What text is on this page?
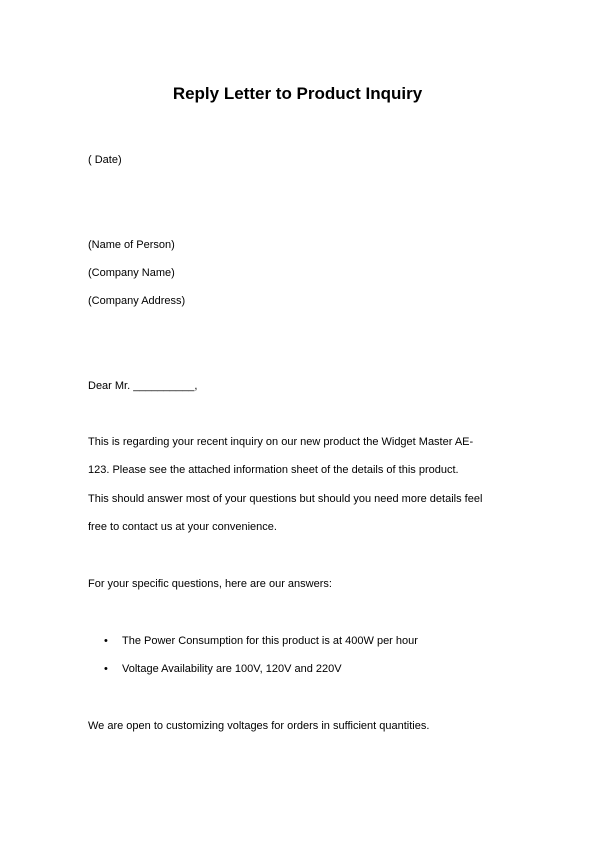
Reply Letter to Product Inquiry

( Date)

(Name of Person)

(Company Name)

(Company Address)

Dear Mr. __________,

This is regarding your recent inquiry on our new product the Widget Master AE-

123. Please see the attached information sheet of the details of this product.

This should answer most of your questions but should you need more details feel

free to contact us at your convenience.

For your specific questions, here are our answers:

• The Power Consumption for this product is at 400W per hour
• Voltage Availability are 100V, 120V and 220V

We are open to customizing voltages for orders in sufficient quantities.
